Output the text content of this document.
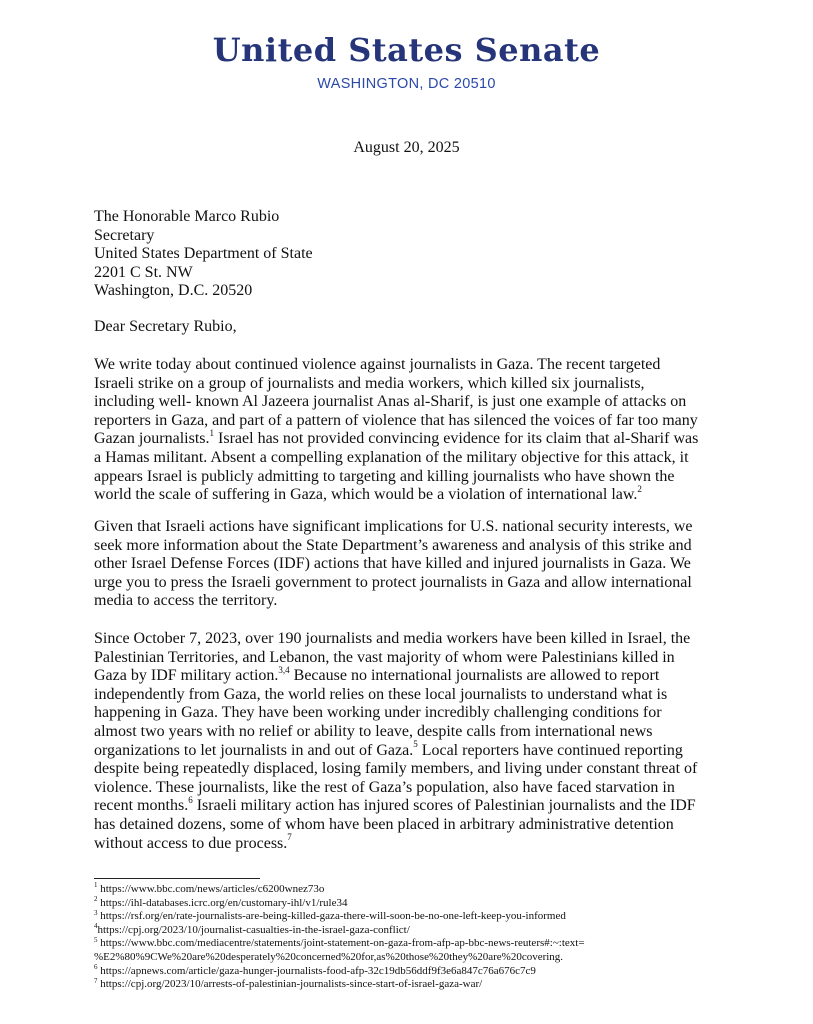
United States Senate
WASHINGTON, DC 20510
August 20, 2025
The Honorable Marco Rubio
Secretary
United States Department of State
2201 C St. NW
Washington, D.C. 20520
Dear Secretary Rubio,
We write today about continued violence against journalists in Gaza. The recent targeted
Israeli strike on a group of journalists and media workers, which killed six journalists,
including well- known Al Jazeera journalist Anas al-Sharif, is just one example of attacks on
reporters in Gaza, and part of a pattern of violence that has silenced the voices of far too many
Gazan journalists.$^1$ Israel has not provided convincing evidence for its claim that al-Sharif was
a Hamas militant. Absent a compelling explanation of the military objective for this attack, it
appears Israel is publicly admitting to targeting and killing journalists who have shown the
world the scale of suffering in Gaza, which would be a violation of international law.$^2$
Given that Israeli actions have significant implications for U.S. national security interests, we
seek more information about the State Department’s awareness and analysis of this strike and
other Israel Defense Forces (IDF) actions that have killed and injured journalists in Gaza. We
urge you to press the Israeli government to protect journalists in Gaza and allow international
media to access the territory.
Since October 7, 2023, over 190 journalists and media workers have been killed in Israel, the
Palestinian Territories, and Lebanon, the vast majority of whom were Palestinians killed in
Gaza by IDF military action.$^{3,4}$ Because no international journalists are allowed to report
independently from Gaza, the world relies on these local journalists to understand what is
happening in Gaza. They have been working under incredibly challenging conditions for
almost two years with no relief or ability to leave, despite calls from international news
organizations to let journalists in and out of Gaza.$^5$ Local reporters have continued reporting
despite being repeatedly displaced, losing family members, and living under constant threat of
violence. These journalists, like the rest of Gaza’s population, also have faced starvation in
recent months.$^6$ Israeli military action has injured scores of Palestinian journalists and the IDF
has detained dozens, some of whom have been placed in arbitrary administrative detention
without access to due process.$^7$
$^1$ https://www.bbc.com/news/articles/c6200wnez73o
$^2$ https://ihl-databases.icrc.org/en/customary-ihl/v1/rule34
$^3$ https://rsf.org/en/rate-journalists-are-being-killed-gaza-there-will-soon-be-no-one-left-keep-you-informed
$^4$https://cpj.org/2023/10/journalist-casualties-in-the-israel-gaza-conflict/
$^5$ https://www.bbc.com/mediacentre/statements/joint-statement-on-gaza-from-afp-ap-bbc-news-reuters#:~:text=
%E2%80%9CWe%20are%20desperately%20concerned%20for,as%20those%20they%20are%20covering.
$^6$ https://apnews.com/article/gaza-hunger-journalists-food-afp-32c19db56ddf9f3e6a847c76a676c7c9
$^7$ https://cpj.org/2023/10/arrests-of-palestinian-journalists-since-start-of-israel-gaza-war/
